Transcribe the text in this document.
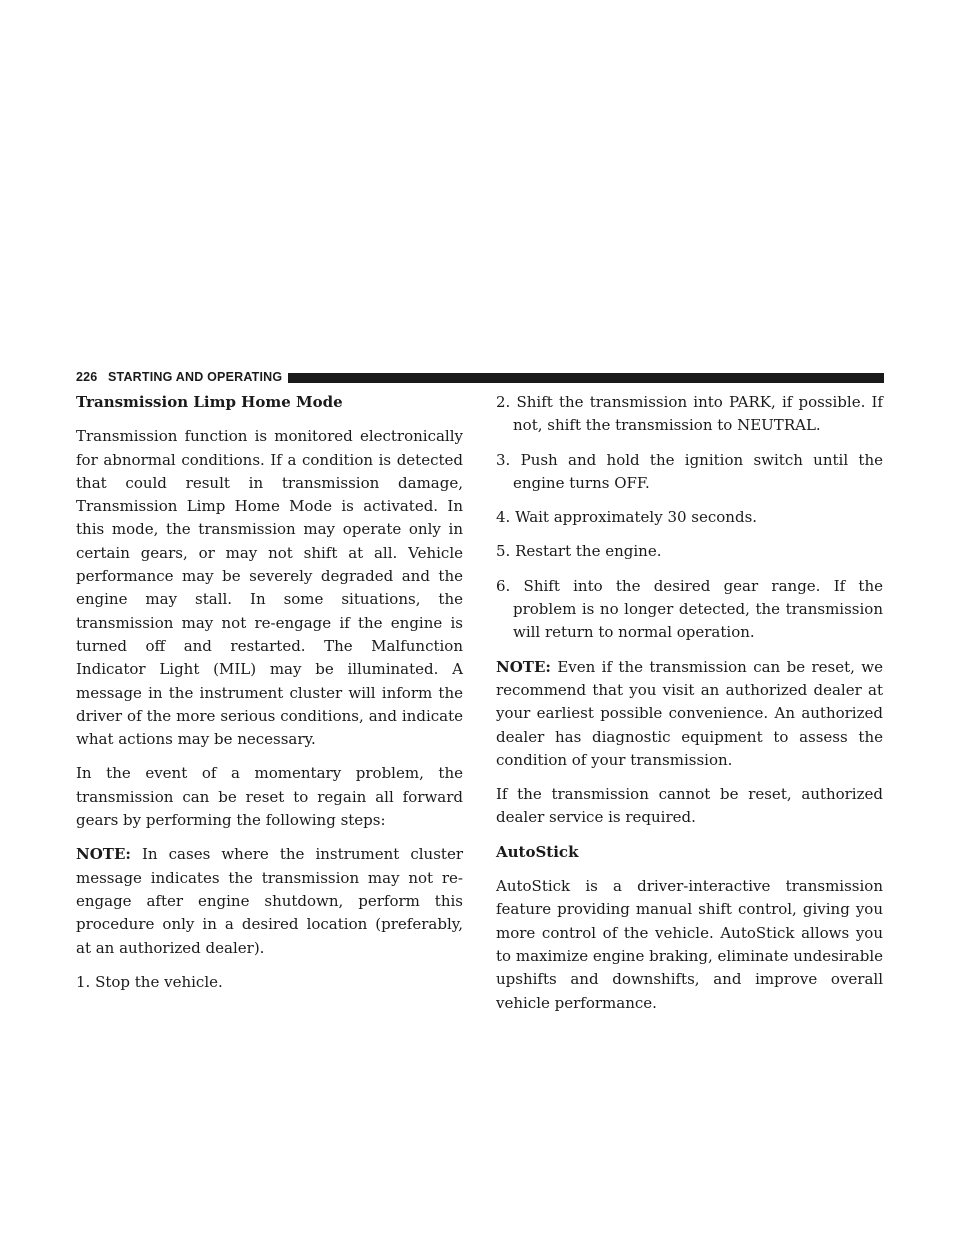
226 STARTING AND OPERATING

Transmission Limp Home Mode

Transmission function is monitored electronically for abnormal conditions. If a condition is detected that could result in transmission damage, Transmission Limp Home Mode is activated. In this mode, the transmission may operate only in certain gears, or may not shift at all. Vehicle performance may be severely degraded and the engine may stall. In some situations, the transmission may not re-engage if the engine is turned off and restarted. The Malfunction Indicator Light (MIL) may be illuminated. A message in the instrument cluster will inform the driver of the more serious conditions, and indicate what actions may be necessary.

In the event of a momentary problem, the transmission can be reset to regain all forward gears by performing the following steps:

NOTE: In cases where the instrument cluster message indicates the transmission may not re-engage after engine shutdown, perform this procedure only in a desired location (preferably, at an authorized dealer).

1. Stop the vehicle.

2. Shift the transmission into PARK, if possible. If not, shift the transmission to NEUTRAL.

3. Push and hold the ignition switch until the engine turns OFF.

4. Wait approximately 30 seconds.

5. Restart the engine.

6. Shift into the desired gear range. If the problem is no longer detected, the transmission will return to normal operation.

NOTE: Even if the transmission can be reset, we recommend that you visit an authorized dealer at your earliest possible convenience. An authorized dealer has diagnostic equipment to assess the condition of your transmission.

If the transmission cannot be reset, authorized dealer service is required.

AutoStick

AutoStick is a driver-interactive transmission feature providing manual shift control, giving you more control of the vehicle. AutoStick allows you to maximize engine braking, eliminate undesirable upshifts and downshifts, and improve overall vehicle performance.
